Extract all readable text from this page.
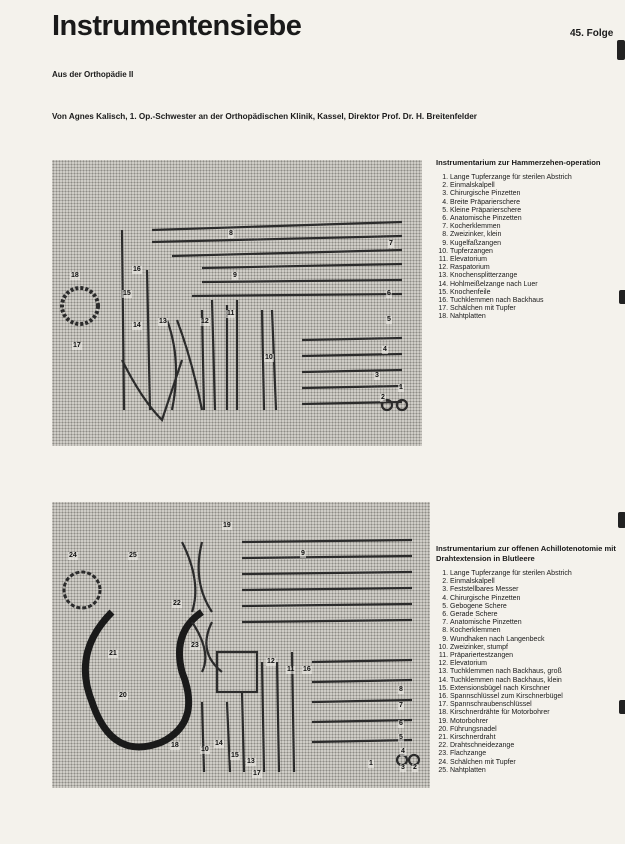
Instrumentensiebe	45. Folge
Aus der Orthopädie II
Von Agnes Kalisch, 1. Op.-Schwester an der Orthopädischen Klinik, Kassel, Direktor Prof. Dr. H. Breitenfelder
18
16
15
14
13
17
12
11
10
9
8
7
6
5
4
3
2
1
Instrumentarium zur Hammerzehen-operation
1. Lange Tupferzange für sterilen Abstrich
2. Einmalskalpell
3. Chirurgische Pinzetten
4. Breite Präparierschere
5. Kleine Präparierschere
6. Anatomische Pinzetten
7. Kocherklemmen
8. Zweizinker, klein
9. Kugelfaßzangen
10. Tupferzangen
11. Elevatorium
12. Raspatorium
13. Knochensplitterzange
14. Hohlmeißelzange nach Luer
15. Knochenfeile
16. Tuchklemmen nach Backhaus
17. Schälchen mit Tupfer
18. Nahtplatten
24	25
19
9
22
23
21
20
18
12
11 16
8
7
6
5
4
3 2
1
15
14
10
13
17
Instrumentarium zur offenen Achillotenotomie mit Drahtextension in Blutleere
1. Lange Tupferzange für sterilen Abstrich
2. Einmalskalpell
3. Feststellbares Messer
4. Chirurgische Pinzetten
5. Gebogene Schere
6. Gerade Schere
7. Anatomische Pinzetten
8. Kocherklemmen
9. Wundhaken nach Langenbeck
10. Zweizinker, stumpf
11. Präpariertestzangen
12. Elevatorium
13. Tuchklemmen nach Backhaus, groß
14. Tuchklemmen nach Backhaus, klein
15. Extensionsbügel nach Kirschner
16. Spannschlüssel zum Kirschnerbügel
17. Spannschraubenschlüssel
18. Kirschnerdrähte für Motorbohrer
19. Motorbohrer
20. Führungsnadel
21. Kirschnerdraht
22. Drahtschneidezange
23. Flachzange
24. Schälchen mit Tupfer
25. Nahtplatten
